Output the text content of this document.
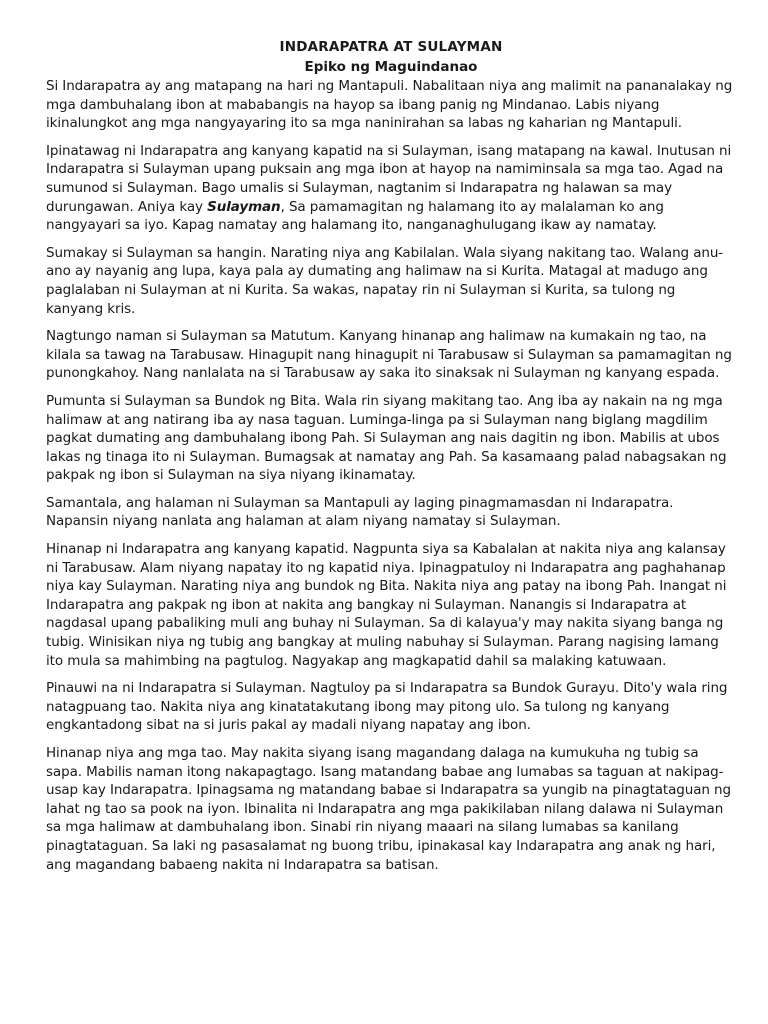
INDARAPATRA AT SULAYMAN
Epiko ng Maguindanao

Si Indarapatra ay ang matapang na hari ng Mantapuli. Nabalitaan niya ang malimit na pananalakay ng mga dambuhalang ibon at mababangis na hayop sa ibang panig ng Mindanao. Labis niyang ikinalungkot ang mga nangyayaring ito sa mga naninirahan sa labas ng kaharian ng Mantapuli.

Ipinatawag ni Indarapatra ang kanyang kapatid na si Sulayman, isang matapang na kawal. Inutusan ni Indarapatra si Sulayman upang puksain ang mga ibon at hayop na namiminsala sa mga tao. Agad na sumunod si Sulayman. Bago umalis si Sulayman, nagtanim si Indarapatra ng halawan sa may durungawan. Aniya kay Sulayman, Sa pamamagitan ng halamang ito ay malalaman ko ang nangyayari sa iyo. Kapag namatay ang halamang ito, nanganaghulugang ikaw ay namatay.

Sumakay si Sulayman sa hangin. Narating niya ang Kabilalan. Wala siyang nakitang tao. Walang anu-ano ay nayanig ang lupa, kaya pala ay dumating ang halimaw na si Kurita. Matagal at madugo ang paglalaban ni Sulayman at ni Kurita. Sa wakas, napatay rin ni Sulayman si Kurita, sa tulong ng kanyang kris.

Nagtungo naman si Sulayman sa Matutum. Kanyang hinanap ang halimaw na kumakain ng tao, na kilala sa tawag na Tarabusaw. Hinagupit nang hinagupit ni Tarabusaw si Sulayman sa pamamagitan ng punongkahoy. Nang nanlalata na si Tarabusaw ay saka ito sinaksak ni Sulayman ng kanyang espada.

Pumunta si Sulayman sa Bundok ng Bita. Wala rin siyang makitang tao. Ang iba ay nakain na ng mga halimaw at ang natirang iba ay nasa taguan. Luminga-linga pa si Sulayman nang biglang magdilim pagkat dumating ang dambuhalang ibong Pah. Si Sulayman ang nais dagitin ng ibon. Mabilis at ubos lakas ng tinaga ito ni Sulayman. Bumagsak at namatay ang Pah. Sa kasamaang palad nabagsakan ng pakpak ng ibon si Sulayman na siya niyang ikinamatay.

Samantala, ang halaman ni Sulayman sa Mantapuli ay laging pinagmamasdan ni Indarapatra. Napansin niyang nanlata ang halaman at alam niyang namatay si Sulayman.

Hinanap ni Indarapatra ang kanyang kapatid. Nagpunta siya sa Kabalalan at nakita niya ang kalansay ni Tarabusaw. Alam niyang napatay ito ng kapatid niya. Ipinagpatuloy ni Indarapatra ang paghahanap niya kay Sulayman. Narating niya ang bundok ng Bita. Nakita niya ang patay na ibong Pah. Inangat ni Indarapatra ang pakpak ng ibon at nakita ang bangkay ni Sulayman. Nanangis si Indarapatra at nagdasal upang pabaliking muli ang buhay ni Sulayman. Sa di kalayua'y may nakita siyang banga ng tubig. Winisikan niya ng tubig ang bangkay at muling nabuhay si Sulayman. Parang nagising lamang ito mula sa mahimbing na pagtulog. Nagyakap ang magkapatid dahil sa malaking katuwaan.

Pinauwi na ni Indarapatra si Sulayman. Nagtuloy pa si Indarapatra sa Bundok Gurayu. Dito'y wala ring natagpuang tao. Nakita niya ang kinatatakutang ibong may pitong ulo. Sa tulong ng kanyang engkantadong sibat na si juris pakal ay madali niyang napatay ang ibon.

Hinanap niya ang mga tao. May nakita siyang isang magandang dalaga na kumukuha ng tubig sa sapa. Mabilis naman itong nakapagtago. Isang matandang babae ang lumabas sa taguan at nakipag-usap kay Indarapatra. Ipinagsama ng matandang babae si Indarapatra sa yungib na pinagtataguan ng lahat ng tao sa pook na iyon. Ibinalita ni Indarapatra ang mga pakikilaban nilang dalawa ni Sulayman sa mga halimaw at dambuhalang ibon. Sinabi rin niyang maaari na silang lumabas sa kanilang pinagtataguan. Sa laki ng pasasalamat ng buong tribu, ipinakasal kay Indarapatra ang anak ng hari, ang magandang babaeng nakita ni Indarapatra sa batisan.
